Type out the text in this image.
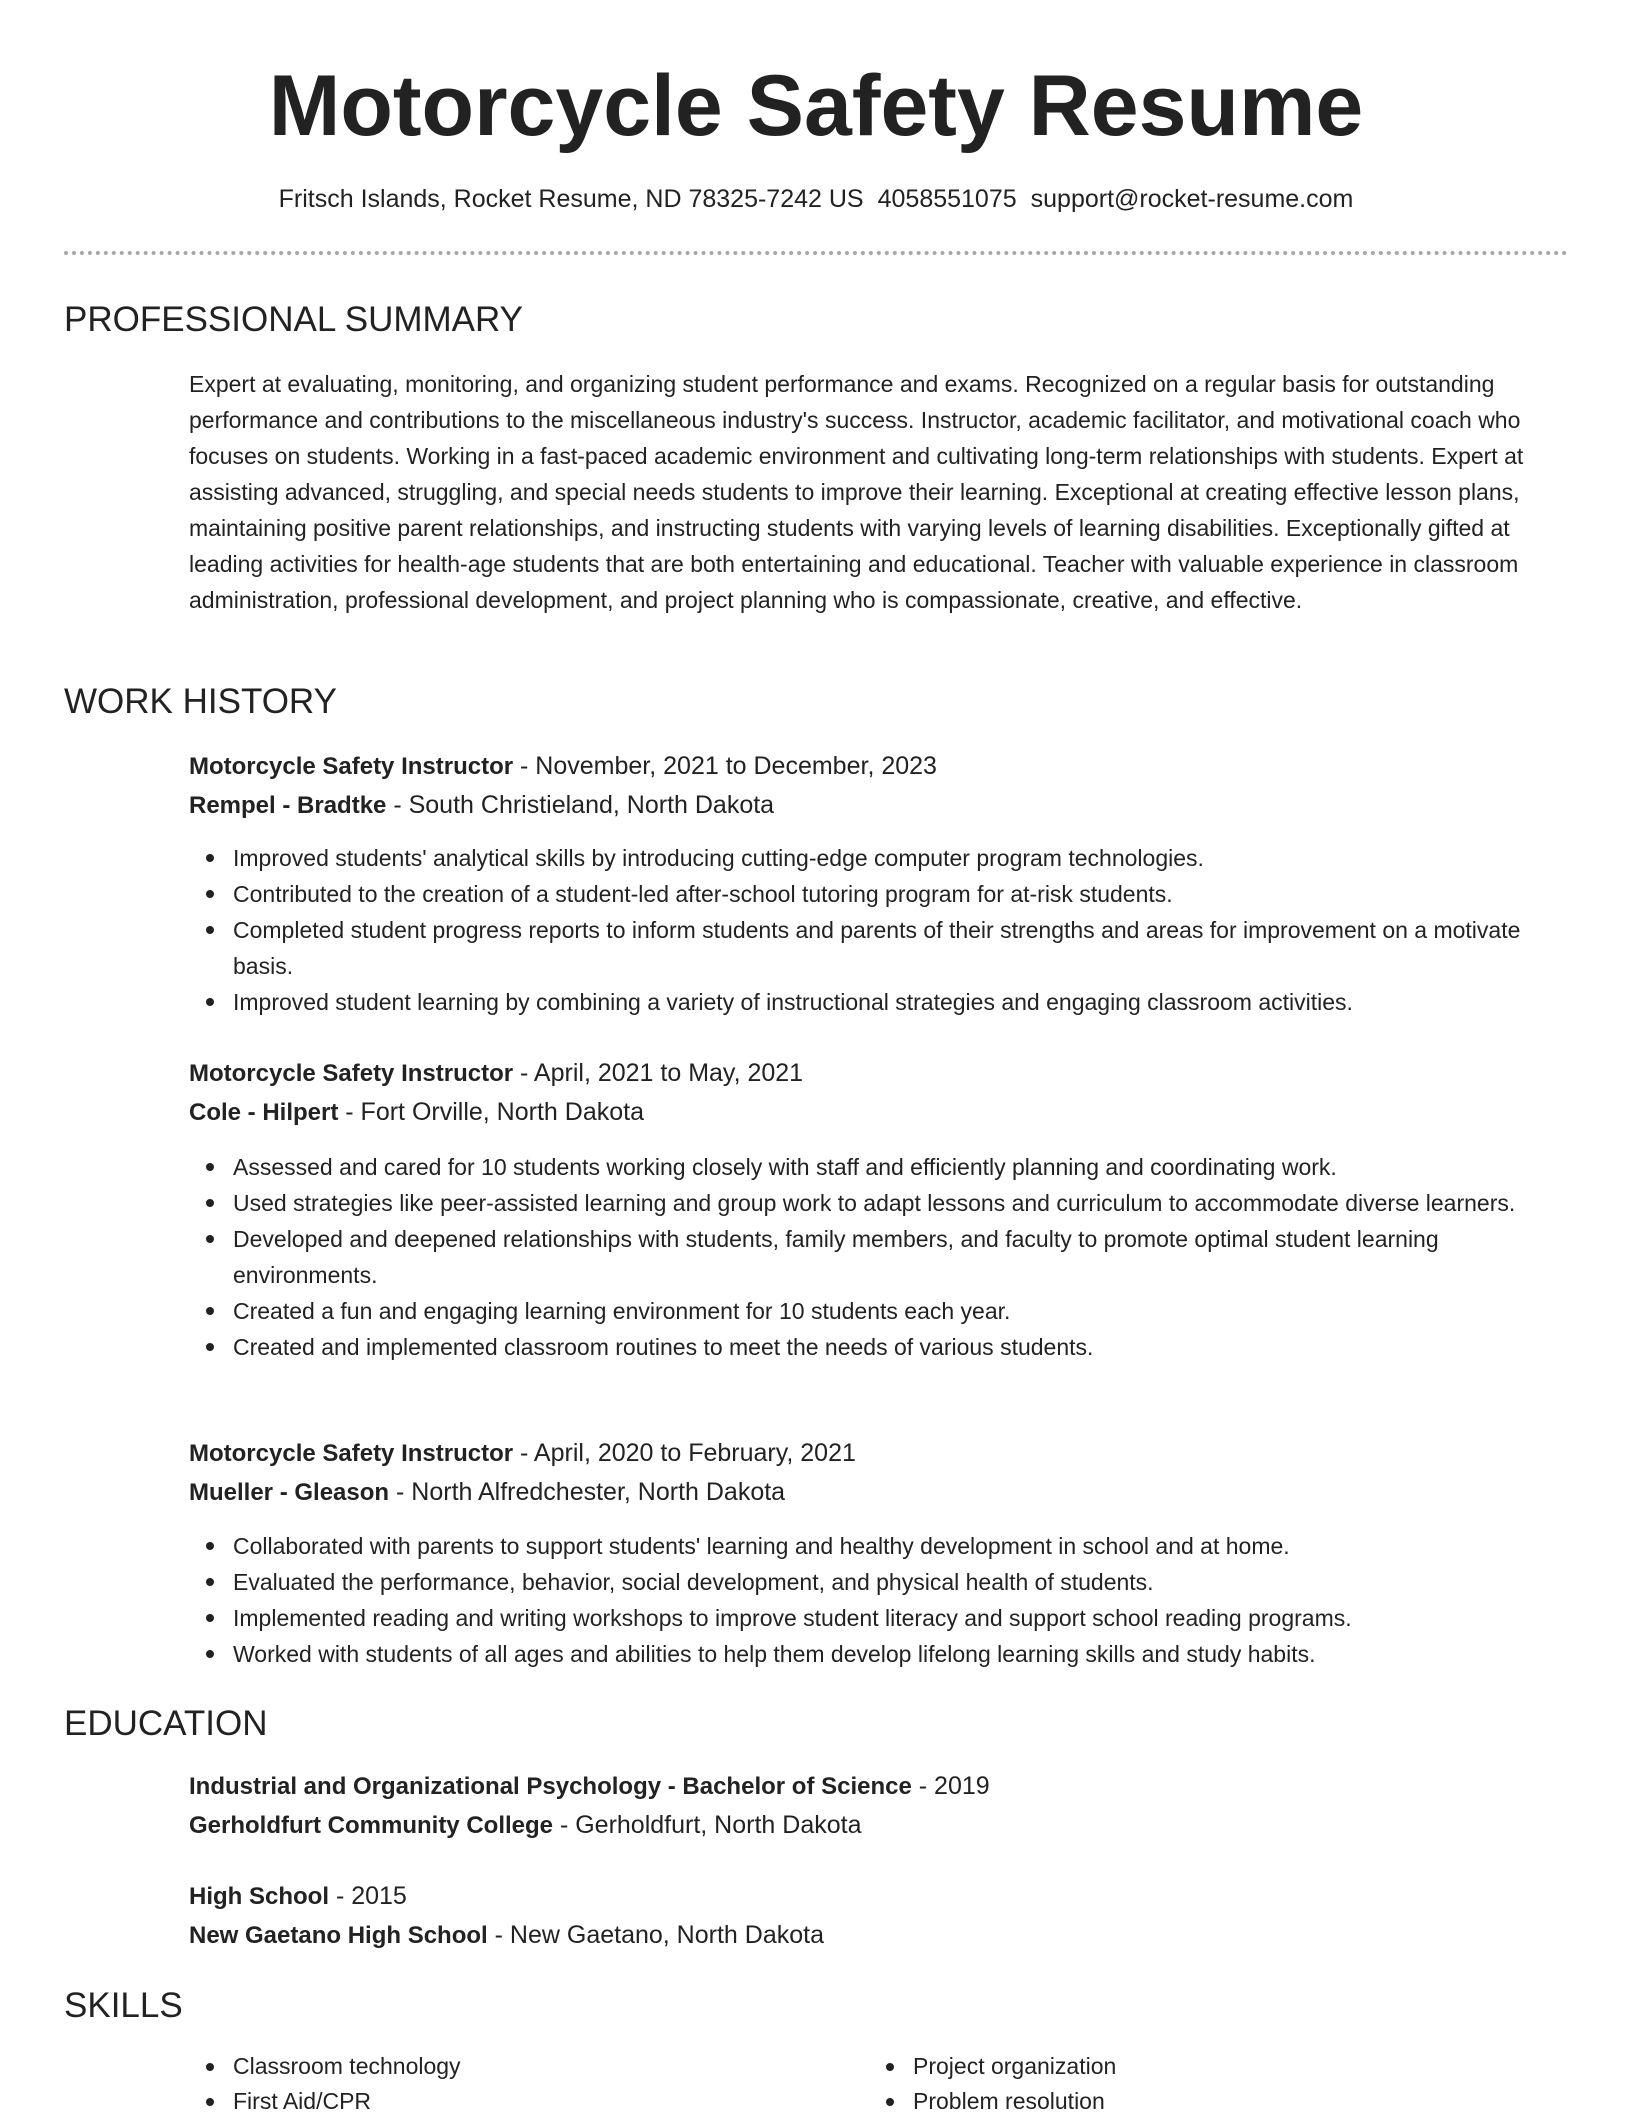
Motorcycle Safety Resume
Fritsch Islands, Rocket Resume, ND 78325-7242 US 4058551075 support@rocket-resume.com
PROFESSIONAL SUMMARY

Expert at evaluating, monitoring, and organizing student performance and exams. Recognized on a regular basis for outstanding performance and contributions to the miscellaneous industry's success. Instructor, academic facilitator, and motivational coach who focuses on students. Working in a fast-paced academic environment and cultivating long-term relationships with students. Expert at assisting advanced, struggling, and special needs students to improve their learning. Exceptional at creating effective lesson plans, maintaining positive parent relationships, and instructing students with varying levels of learning disabilities. Exceptionally gifted at leading activities for health-age students that are both entertaining and educational. Teacher with valuable experience in classroom administration, professional development, and project planning who is compassionate, creative, and effective.

WORK HISTORY
Motorcycle Safety Instructor - November, 2021 to December, 2023
Rempel - Bradtke - South Christieland, North Dakota
Improved students' analytical skills by introducing cutting-edge computer program technologies.
Contributed to the creation of a student-led after-school tutoring program for at-risk students.
Completed student progress reports to inform students and parents of their strengths and areas for improvement on a motivate basis.
Improved student learning by combining a variety of instructional strategies and engaging classroom activities.
Motorcycle Safety Instructor - April, 2021 to May, 2021
Cole - Hilpert - Fort Orville, North Dakota
Assessed and cared for 10 students working closely with staff and efficiently planning and coordinating work.
Used strategies like peer-assisted learning and group work to adapt lessons and curriculum to accommodate diverse learners.
Developed and deepened relationships with students, family members, and faculty to promote optimal student learning environments.
Created a fun and engaging learning environment for 10 students each year.
Created and implemented classroom routines to meet the needs of various students.
Motorcycle Safety Instructor - April, 2020 to February, 2021
Mueller - Gleason - North Alfredchester, North Dakota
Collaborated with parents to support students' learning and healthy development in school and at home.
Evaluated the performance, behavior, social development, and physical health of students.
Implemented reading and writing workshops to improve student literacy and support school reading programs.
Worked with students of all ages and abilities to help them develop lifelong learning skills and study habits.
EDUCATION
Industrial and Organizational Psychology - Bachelor of Science - 2019
Gerholdfurt Community College - Gerholdfurt, North Dakota
High School - 2015
New Gaetano High School - New Gaetano, North Dakota
SKILLS
Classroom technology
First Aid/CPR
Project organization
Problem resolution
